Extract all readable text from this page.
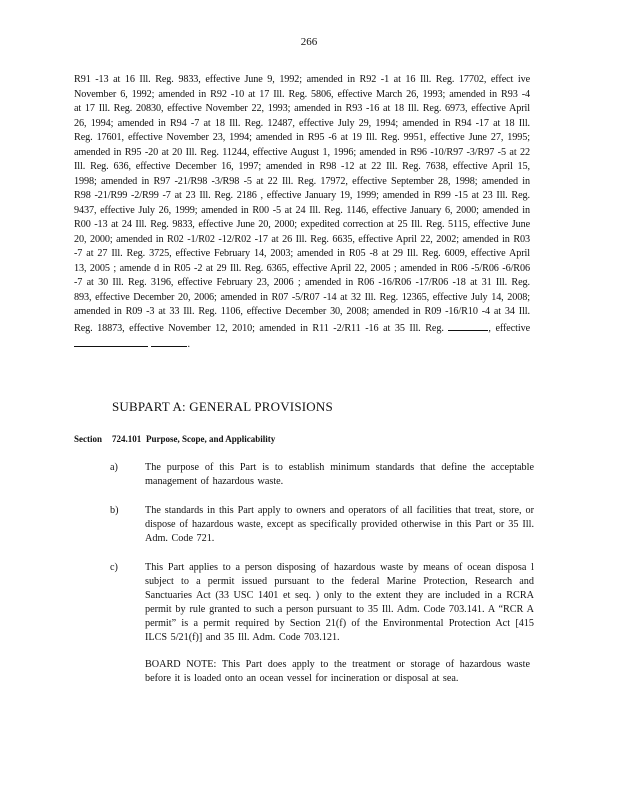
266
R91 -13 at 16 Ill. Reg. 9833, effective June 9, 1992; amended in R92 -1 at 16 Ill. Reg. 17702, effect ive November 6, 1992; amended in R92 -10 at 17 Ill. Reg. 5806, effective March 26, 1993; amended in R93 -4 at 17 Ill. Reg. 20830, effective November 22, 1993; amended in R93 -16 at 18 Ill. Reg. 6973, effective April 26, 1994; amended in R94 -7 at 18 Ill. Reg. 12487, effective July 29, 1994; amended in R94 -17 at 18 Ill. Reg. 17601, effective November 23, 1994; amended in R95 -6 at 19 Ill. Reg. 9951, effective June 27, 1995; amended in R95 -20 at 20 Ill. Reg. 11244, effective August 1, 1996; amended in R96 -10/R97 -3/R97 -5 at 22 Ill. Reg. 636, effective December 16, 1997; amended in R98 -12 at 22 Ill. Reg. 7638, effective April 15, 1998; amended in R97 -21/R98 -3/R98 -5 at 22 Ill. Reg. 17972, effective September 28, 1998; amended in R98 -21/R99 -2/R99 -7 at 23 Ill. Reg. 2186 , effective January 19, 1999; amended in R99 -15 at 23 Ill. Reg. 9437, effective July 26, 1999; amended in R00 -5 at 24 Ill. Reg. 1146, effective January 6, 2000; amended in R00 -13 at 24 Ill. Reg. 9833, effective June 20, 2000; expedited correction at 25 Ill. Reg. 5115, effective June 20, 2000; amended in R02 -1/R02 -12/R02 -17 at 26 Ill. Reg. 6635, effective April 22, 2002; amended in R03 -7 at 27 Ill. Reg. 3725, effective February 14, 2003; amended in R05 -8 at 29 Ill. Reg. 6009, effective April 13, 2005 ; amende d in R05 -2 at 29 Ill. Reg. 6365, effective April 22, 2005 ; amended in R06 -5/R06 -6/R06 -7 at 30 Ill. Reg. 3196, effective February 23, 2006 ; amended in R06 -16/R06 -17/R06 -18 at 31 Ill. Reg. 893, effective December 20, 2006; amended in R07 -5/R07 -14 at 32 Ill. Reg. 12365, effective July 14, 2008; amended in R09 -3 at 33 Ill. Reg. 1106, effective December 30, 2008; amended in R09 -16/R10 -4 at 34 Ill. Reg. 18873, effective November 12, 2010; amended in R11 -2/R11 -16 at 35 Ill. Reg.	, effective  .
SUBPART A: GENERAL PROVISIONS
Section	724.101 Purpose, Scope, and Applicability
a)	The purpose of this Part is to establish minimum standards that define the acceptable management of hazardous waste.
b)	The standards in this Part apply to owners and operators of all facilities that treat, store, or dispose of hazardous waste, except as specifically provided otherwise in this Part or 35 Ill. Adm. Code 721.
c)	This Part applies to a person disposing of hazardous waste by means of ocean disposa l subject to a permit issued pursuant to the federal Marine Protection, Research and Sanctuaries Act (33 USC 1401 et seq. ) only to the extent they are included in a RCRA permit by rule granted to such a person pursuant to 35 Ill. Adm. Code 703.141. A “RCR A permit” is a permit required by Section 21(f) of the Environmental Protection Act [415 ILCS 5/21(f)] and 35 Ill. Adm. Code 703.121.
BOARD NOTE: This Part does apply to the treatment or storage of hazardous waste before it is loaded onto an ocean vessel for incineration or disposal at sea.
